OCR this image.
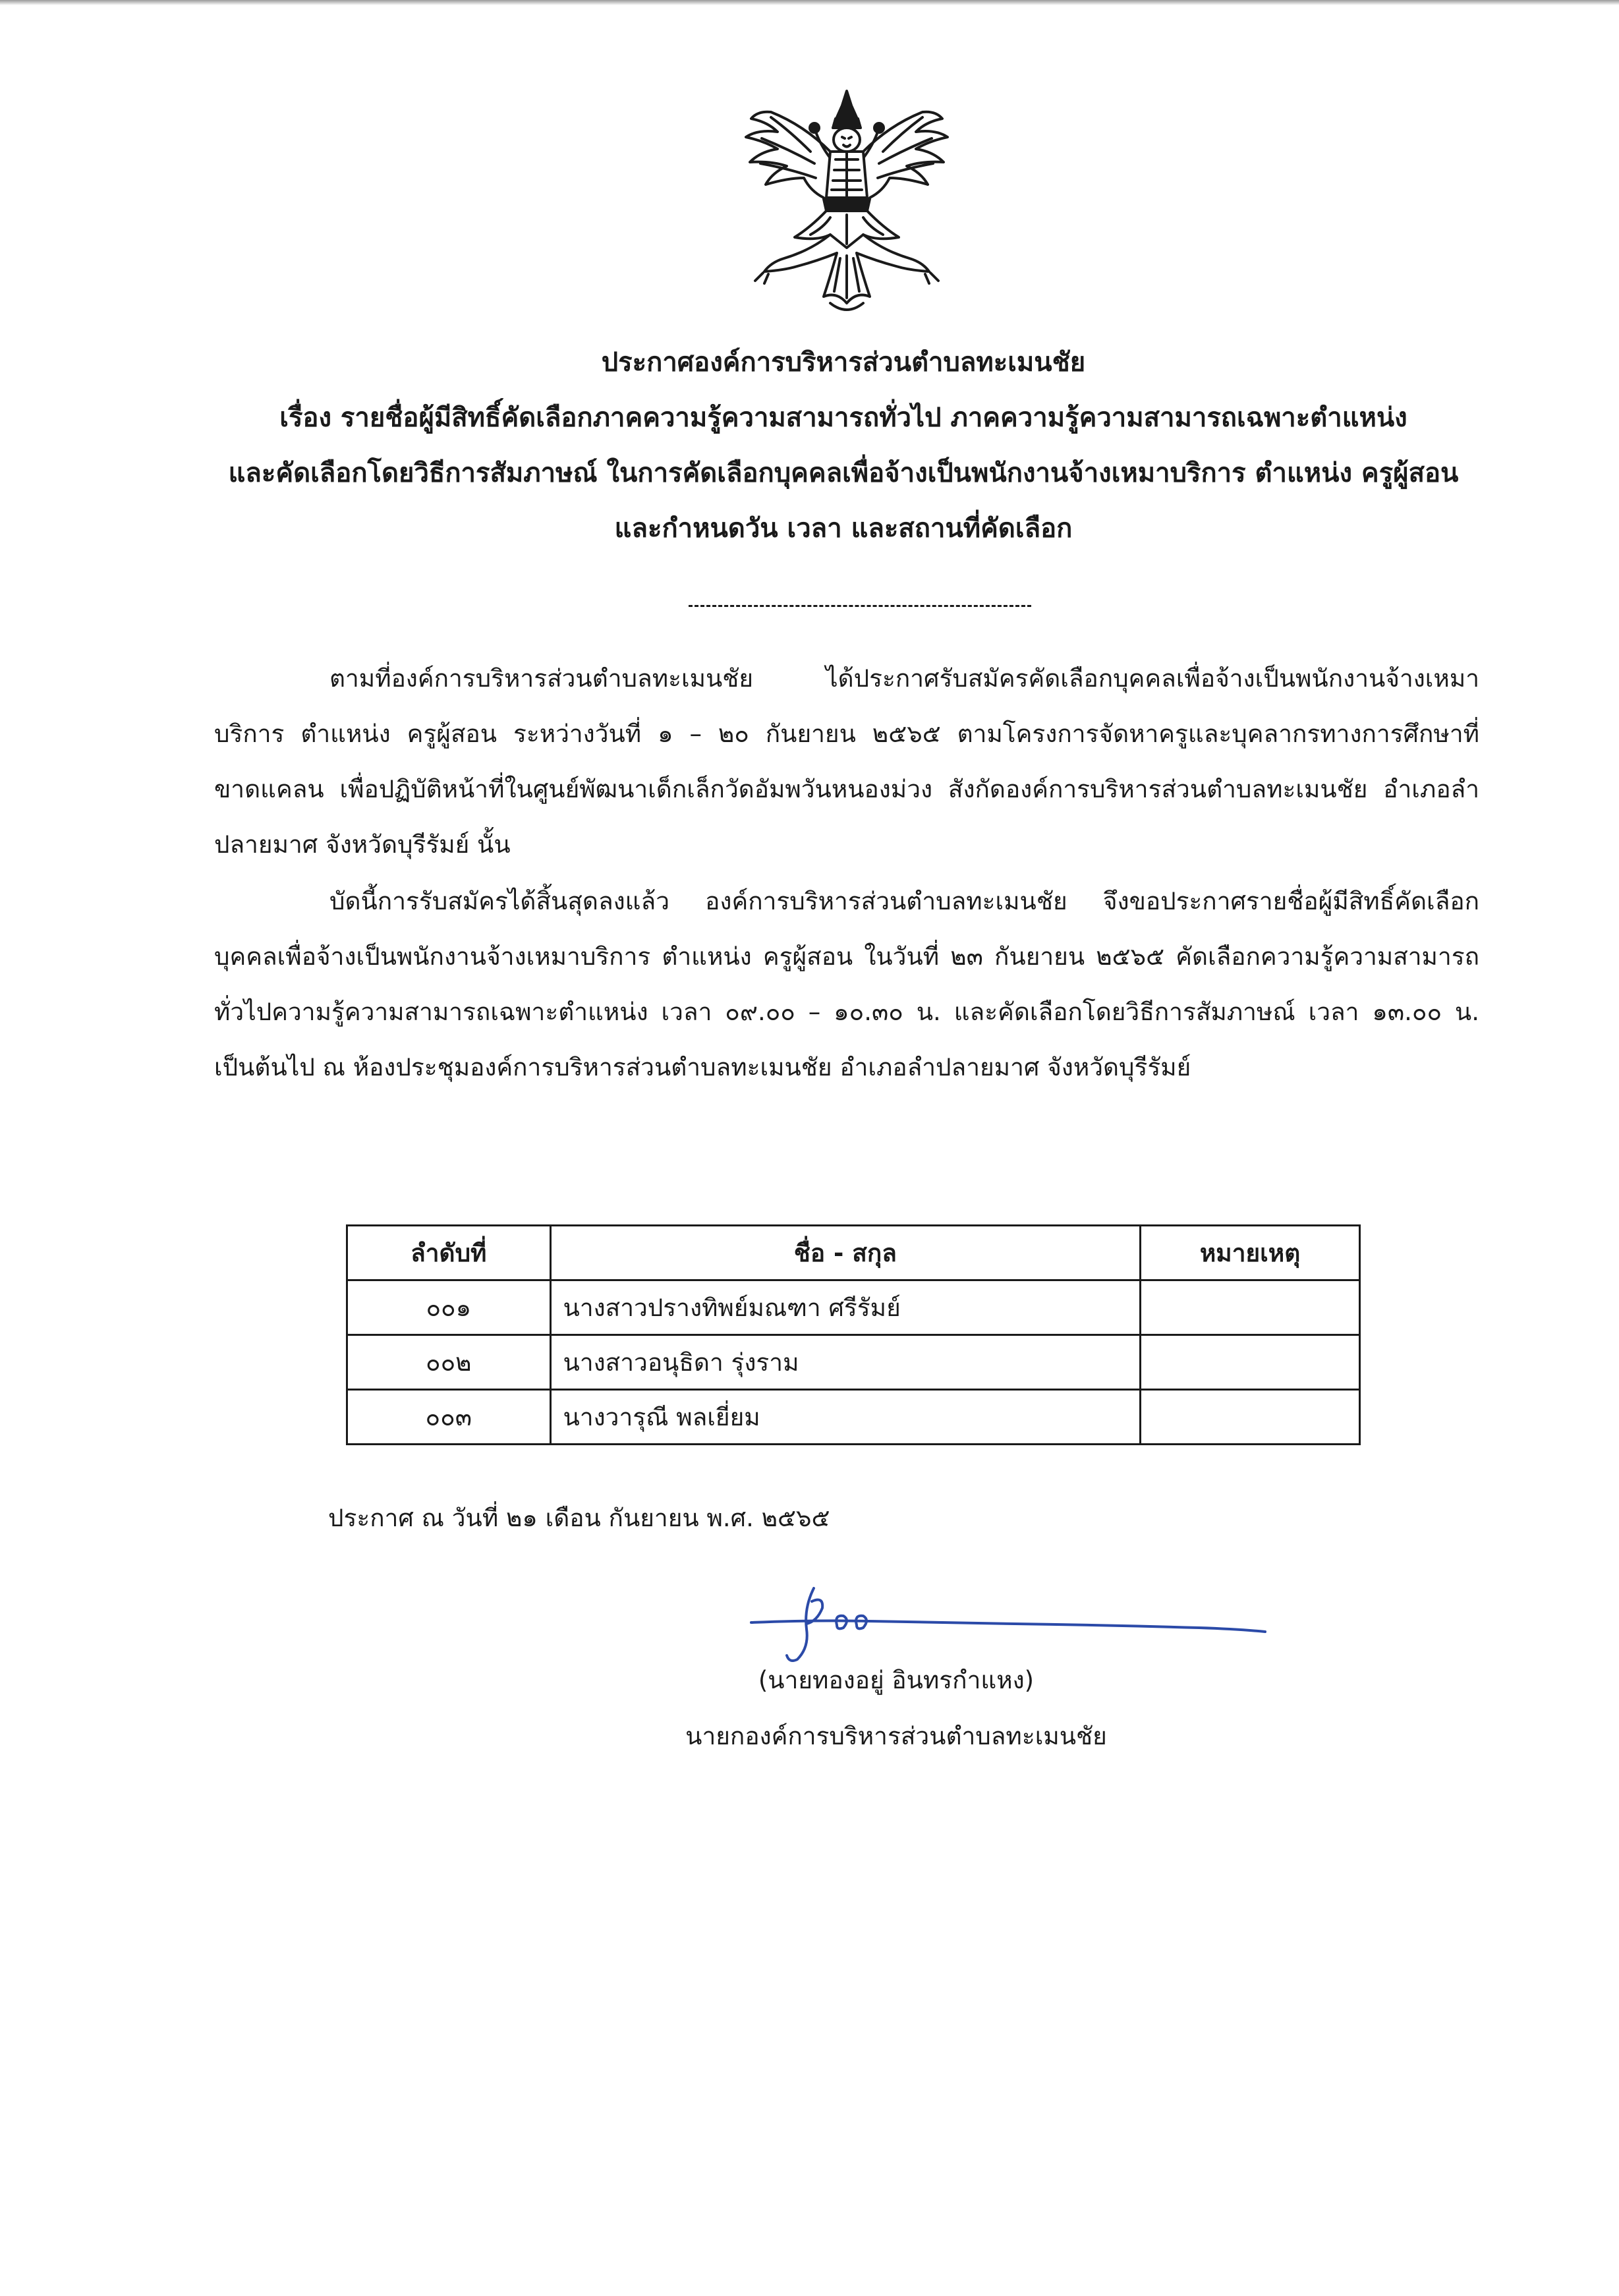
ประกาศองค์การบริหารส่วนตำบลทะเมนชัย

เรื่อง รายชื่อผู้มีสิทธิ์คัดเลือกภาคความรู้ความสามารถทั่วไป ภาคความรู้ความสามารถเฉพาะตำแหน่ง

และคัดเลือกโดยวิธีการสัมภาษณ์ ในการคัดเลือกบุคคลเพื่อจ้างเป็นพนักงานจ้างเหมาบริการ ตำแหน่ง ครูผู้สอน

และกำหนดวัน เวลา และสถานที่คัดเลือก

ตามที่องค์การบริหารส่วนตำบลทะเมนชัย ได้ประกาศรับสมัครคัดเลือกบุคคลเพื่อจ้างเป็นพนักงานจ้างเหมาบริการ ตำแหน่ง ครูผู้สอน ระหว่างวันที่ ๑ – ๒๐ กันยายน ๒๕๖๕ ตามโครงการจัดหาครูและบุคลากรทางการศึกษาที่ขาดแคลน เพื่อปฏิบัติหน้าที่ในศูนย์พัฒนาเด็กเล็กวัดอัมพวันหนองม่วง สังกัดองค์การบริหารส่วนตำบลทะเมนชัย อำเภอลำปลายมาศ จังหวัดบุรีรัมย์ นั้น

บัดนี้การรับสมัครได้สิ้นสุดลงแล้ว องค์การบริหารส่วนตำบลทะเมนชัย จึงขอประกาศรายชื่อผู้มีสิทธิ์คัดเลือกบุคคลเพื่อจ้างเป็นพนักงานจ้างเหมาบริการ ตำแหน่ง ครูผู้สอน ในวันที่ ๒๓ กันยายน ๒๕๖๕ คัดเลือกความรู้ความสามารถทั่วไปความรู้ความสามารถเฉพาะตำแหน่ง เวลา ๐๙.๐๐ – ๑๐.๓๐ น. และคัดเลือกโดยวิธีการสัมภาษณ์ เวลา ๑๓.๐๐ น. เป็นต้นไป ณ ห้องประชุมองค์การบริหารส่วนตำบลทะเมนชัย อำเภอลำปลายมาศ จังหวัดบุรีรัมย์

ลำดับที่	ชื่อ - สกุล	หมายเหตุ
๐๐๑	นางสาวปรางทิพย์มณฑา ศรีรัมย์	
๐๐๒	นางสาวอนุธิดา รุ่งราม	
๐๐๓	นางวารุณี พลเยี่ยม	

ประกาศ ณ วันที่ ๒๑ เดือน กันยายน พ.ศ. ๒๕๖๕

(นายทองอยู่ อินทรกำแหง)

นายกองค์การบริหารส่วนตำบลทะเมนชัย
